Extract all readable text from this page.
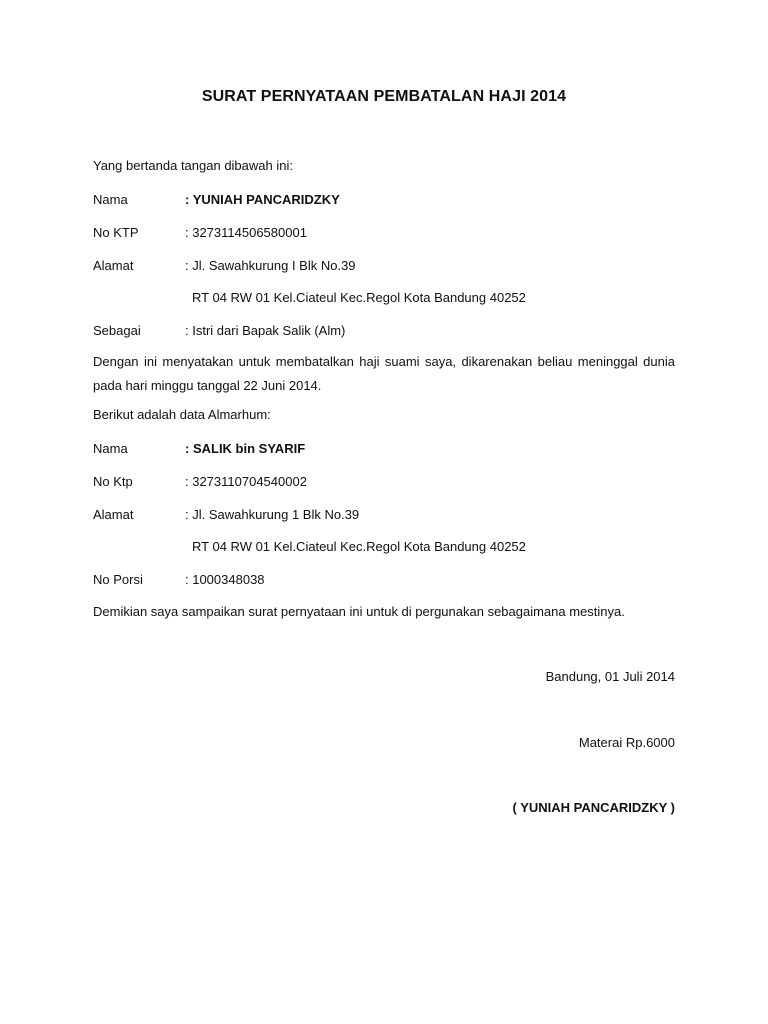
SURAT PERNYATAAN PEMBATALAN HAJI 2014
Yang bertanda tangan dibawah ini:
Nama	: YUNIAH PANCARIDZKY
No KTP	: 3273114506580001
Alamat	: Jl. Sawahkurung I Blk No.39
RT 04 RW 01 Kel.Ciateul Kec.Regol Kota Bandung 40252
Sebagai	: Istri dari Bapak Salik (Alm)
Dengan ini menyatakan untuk membatalkan haji suami saya, dikarenakan beliau meninggal dunia pada hari minggu tanggal 22 Juni 2014.
Berikut adalah data Almarhum:
Nama	: SALIK bin SYARIF
No Ktp	: 3273110704540002
Alamat	: Jl. Sawahkurung 1 Blk No.39
RT 04 RW 01 Kel.Ciateul Kec.Regol Kota Bandung 40252
No Porsi	: 1000348038
Demikian saya sampaikan surat pernyataan ini untuk di pergunakan sebagaimana mestinya.
Bandung, 01 Juli 2014
Materai Rp.6000
( YUNIAH PANCARIDZKY )
